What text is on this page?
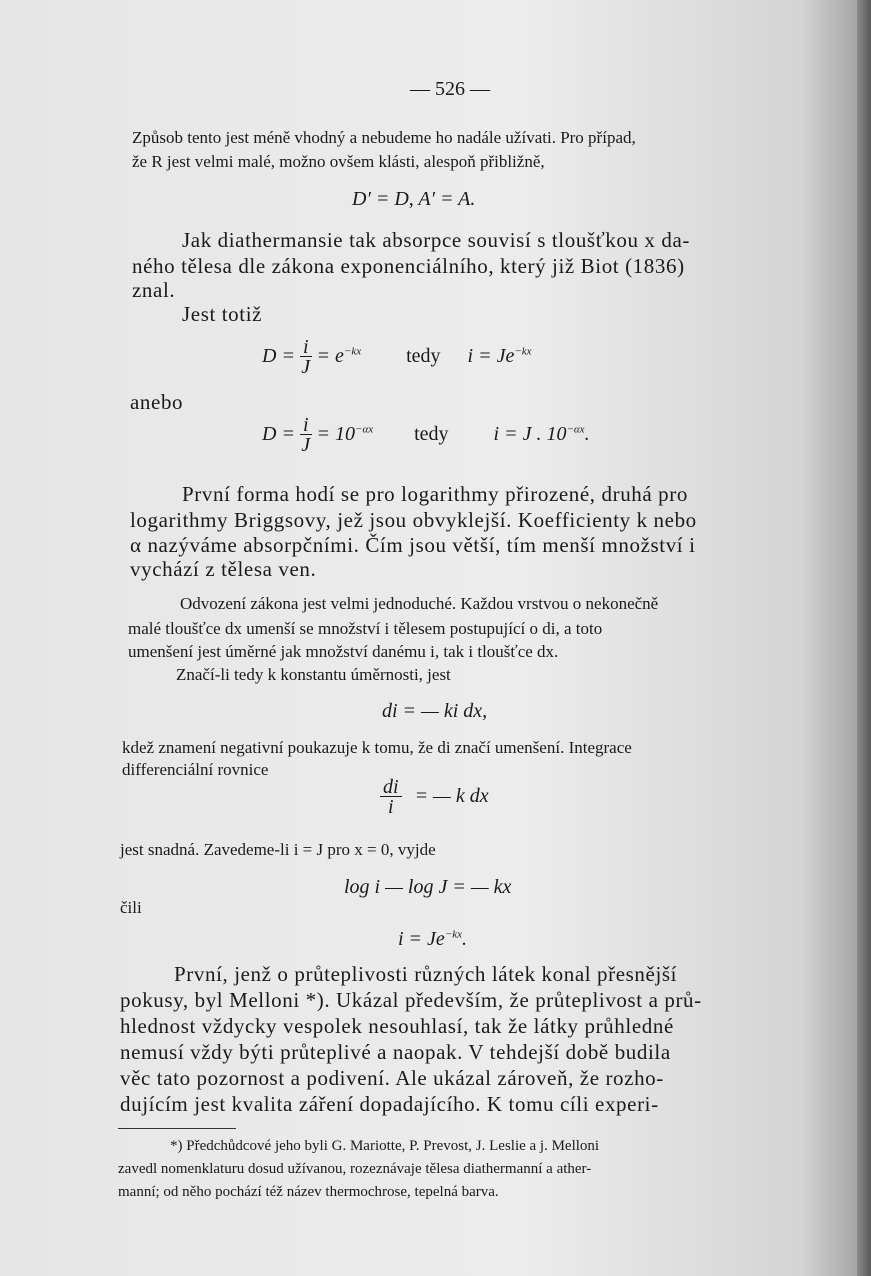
— 526 —
Způsob tento jest méně vhodný a nebudeme ho nadále užívati. Pro případ,
že R jest velmi malé, možno ovšem klásti, alespoň přibližně,
D′ = D, A′ = A.
Jak diathermansie tak absorpce souvisí s tloušťkou x da-
ného tělesa dle zákona exponenciálního, který již Biot (1836)
znal.
Jest totiž
$D = \frac{i}{J} = e^{-kx}$ tedy $i = Je^{-kx}$
anebo
$D = \frac{i}{J} = 10^{-\alpha x}$ tedy i = J . $10^{-\alpha x}$.
První forma hodí se pro logarithmy přirozené, druhá pro
logarithmy Briggsovy, jež jsou obvyklejší. Koefficienty k nebo
α nazýváme absorpčními. Čím jsou větší, tím menší množství i
vychází z tělesa ven.
Odvození zákona jest velmi jednoduché. Každou vrstvou o nekonečně
malé tloušťce dx umenší se množství i tělesem postupující o di, a toto
umenšení jest úměrné jak množství danému i, tak i tloušťce dx.
Značí-li tedy k konstantu úměrnosti, jest
di = — ki dx,
kdež znamení negativní poukazuje k tomu, že di značí umenšení. Integrace
differenciální rovnice
$\frac{di}{i}$ = — k dx
jest snadná. Zavedeme-li i = J pro x = 0, vyjde
log i — log J = — kx
čili
$i = Je^{-kx}$.
První, jenž o průteplivosti různých látek konal přesnější
pokusy, byl Melloni *). Ukázal především, že průteplivost a prů-
hlednost vždycky vespolek nesouhlasí, tak že látky průhledné
nemusí vždy býti průteplivé a naopak. V tehdejší době budila
věc tato pozornost a podivení. Ale ukázal zároveň, že rozho-
dujícím jest kvalita záření dopadajícího. K tomu cíli experi-
*) Předchůdcové jeho byli G. Mariotte, P. Prevost, J. Leslie a j. Melloni
zavedl nomenklaturu dosud užívanou, rozeznávaje tělesa diathermanní a ather-
manní; od něho pochází též název thermochrose, tepelná barva.
